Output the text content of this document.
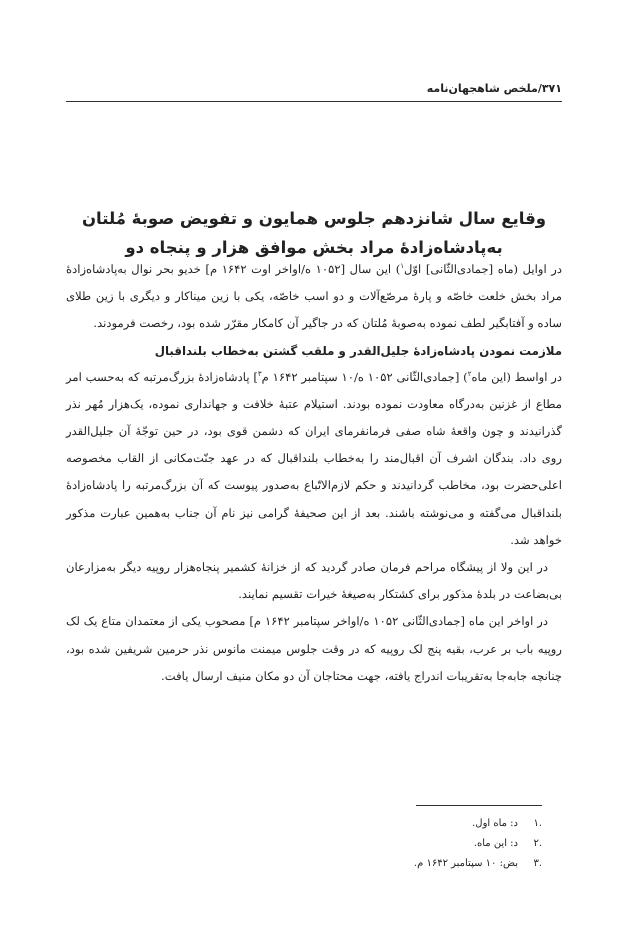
۳۷۱/ملخص شاهجهان‌نامه
وقایع سال شانزدهم جلوس همایون و تفویض صوبهٔ مُلتان
به‌پادشاه‌زادهٔ مراد بخش موافق هزار و پنجاه دو

در اوایل (ماه [جمادی‌الثّانی] اوّل$^۱$) این سال [۱۰۵۲ ه/اواخر اوت ۱۶۴۲ م] خدیو بحر نوال به‌پادشاه‌زادهٔ مراد بخش خلعت خاصّه و پارهٔ مرصّع‌آلات و دو اسب خاصّه، یکی با زین میناکار و دیگری با زین طلای ساده و آفتابگیر لطف نموده به‌صوبهٔ مُلتان که در جاگیر آن کامکار مقرّر شده بود، رخصت فرمودند.

ملازمت نمودن پادشاه‌زادهٔ جلیل‌القدر و ملقب گشتن به‌خطاب بلنداقبال

در اواسط (این ماه$^۲$) [جمادی‌الثّانی ۱۰۵۲ ه/۱۰ سپتامبر ۱۶۴۲ م$^۳$] پادشاه‌زادهٔ بزرگ‌مرتبه که به‌حسب امر مطاع از غزنین به‌درگاه معاودت نموده بودند. استیلام عتبهٔ خلافت و جهانداری نموده، یک‌هزار مُهر نذر گذرانیدند و چون واقعهٔ شاه صفی فرمانفرمای ایران که دشمن قوی بود، در حین توجّهٔ آن جلیل‌القدر روی داد. بندگان اشرف آن اقبال‌مند را به‌خطاب بلنداقبال که در عهد جنّت‌مکانی از القاب مخصوصه اعلی‌حضرت بود، مخاطب گردانیدند و حکم لازم‌الاتّباع به‌صدور پیوست که آن بزرگ‌مرتبه را پادشاه‌زادهٔ بلنداقبال می‌گفته و می‌نوشته باشند. بعد از این صحیفهٔ گرامی نیز نام آن جناب به‌همین عبارت مذکور خواهد شد.

در این ولا از پیشگاه مراحم فرمان صادر گردید که از خزانهٔ کشمیر پنجاه‌هزار روپیه دیگر به‌مزارعان بی‌بضاعت در بلدهٔ مذکور برای کشتکار به‌صیغهٔ خیرات تقسیم نمایند.

در اواخر این ماه [جمادی‌الثّانی ۱۰۵۲ ه/اواخر سپتامبر ۱۶۴۲ م] مصحوب یکی از معتمدان متاع یک لک روپیه باب بر عرب، بقیه پنج لک روپیه که در وقت جلوس میمنت مانوس نذر حرمین شریفین شده بود، چنانچه جابه‌جا به‌تقریبات اندراج یافته، جهت محتاجان آن دو مکان منیف ارسال یافت.

.۱
د: ماه اول.
.۲
د: این ماه.
.۳
بض: ۱۰ سپتامبر ۱۶۴۲ م.
